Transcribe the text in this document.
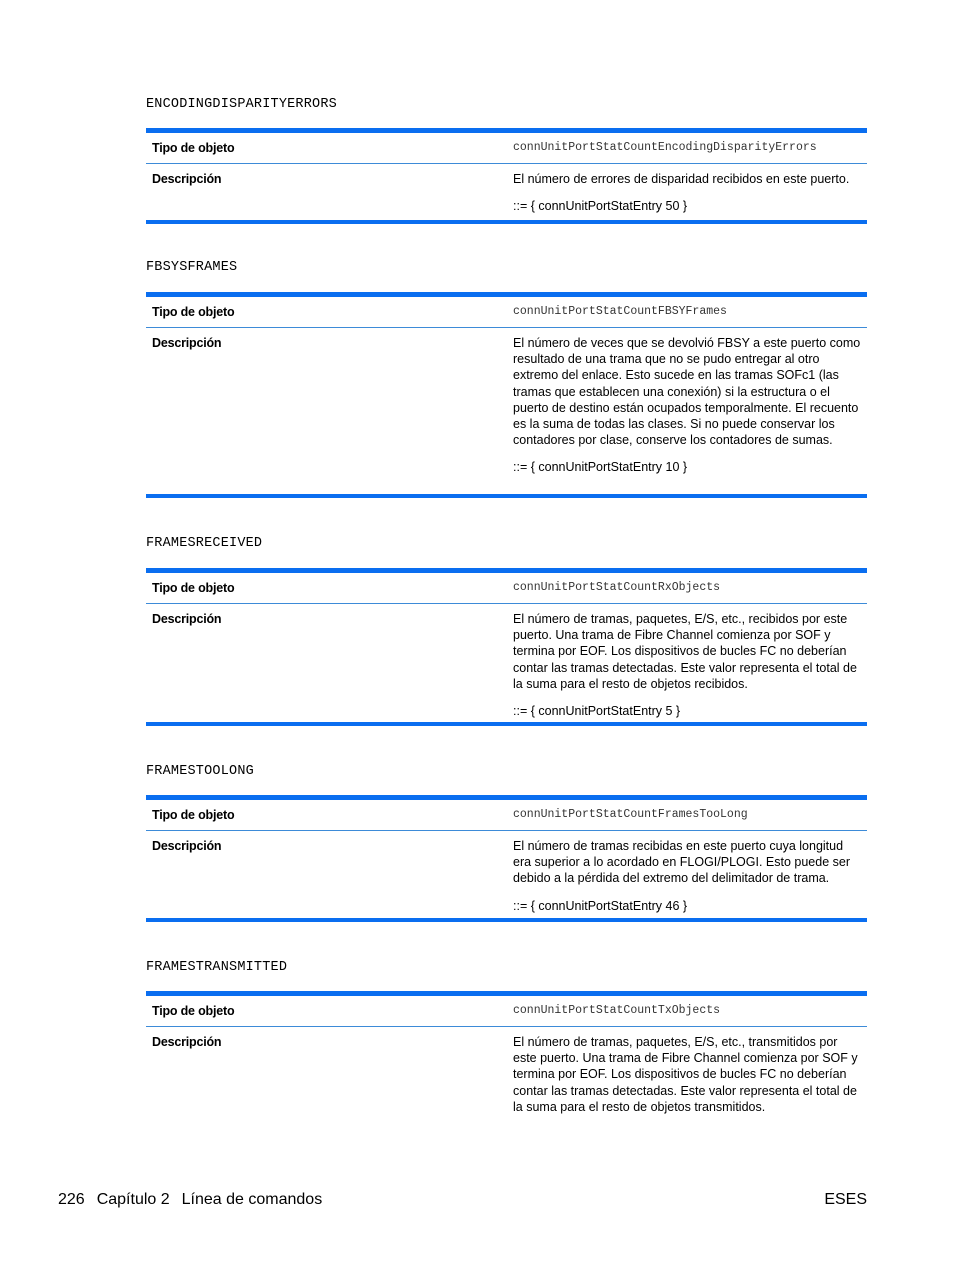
ENCODINGDISPARITYERRORS
Tipo de objeto	connUnitPortStatCountEncodingDisparityErrors
Descripción	El número de errores de disparidad recibidos en este puerto.

::= { connUnitPortStatEntry 50 }

FBSYSFRAMES
Tipo de objeto	connUnitPortStatCountFBSYFrames
Descripción	El número de veces que se devolvió FBSY a este puerto como resultado de una trama que no se pudo entregar al otro extremo del enlace. Esto sucede en las tramas SOFc1 (las tramas que establecen una conexión) si la estructura o el puerto de destino están ocupados temporalmente. El recuento es la suma de todas las clases. Si no puede conservar los contadores por clase, conserve los contadores de sumas.

::= { connUnitPortStatEntry 10 }

FRAMESRECEIVED
Tipo de objeto	connUnitPortStatCountRxObjects
Descripción	El número de tramas, paquetes, E/S, etc., recibidos por este puerto. Una trama de Fibre Channel comienza por SOF y termina por EOF. Los dispositivos de bucles FC no deberían contar las tramas detectadas. Este valor representa el total de la suma para el resto de objetos recibidos.

::= { connUnitPortStatEntry 5 }

FRAMESTOOLONG
Tipo de objeto	connUnitPortStatCountFramesTooLong
Descripción	El número de tramas recibidas en este puerto cuya longitud era superior a lo acordado en FLOGI/PLOGI. Esto puede ser debido a la pérdida del extremo del delimitador de trama.

::= { connUnitPortStatEntry 46 }

FRAMESTRANSMITTED
Tipo de objeto	connUnitPortStatCountTxObjects
Descripción	El número de tramas, paquetes, E/S, etc., transmitidos por este puerto. Una trama de Fibre Channel comienza por SOF y termina por EOF. Los dispositivos de bucles FC no deberían contar las tramas detectadas. Este valor representa el total de la suma para el resto de objetos transmitidos.

226 Capítulo 2 Línea de comandos	ESES
